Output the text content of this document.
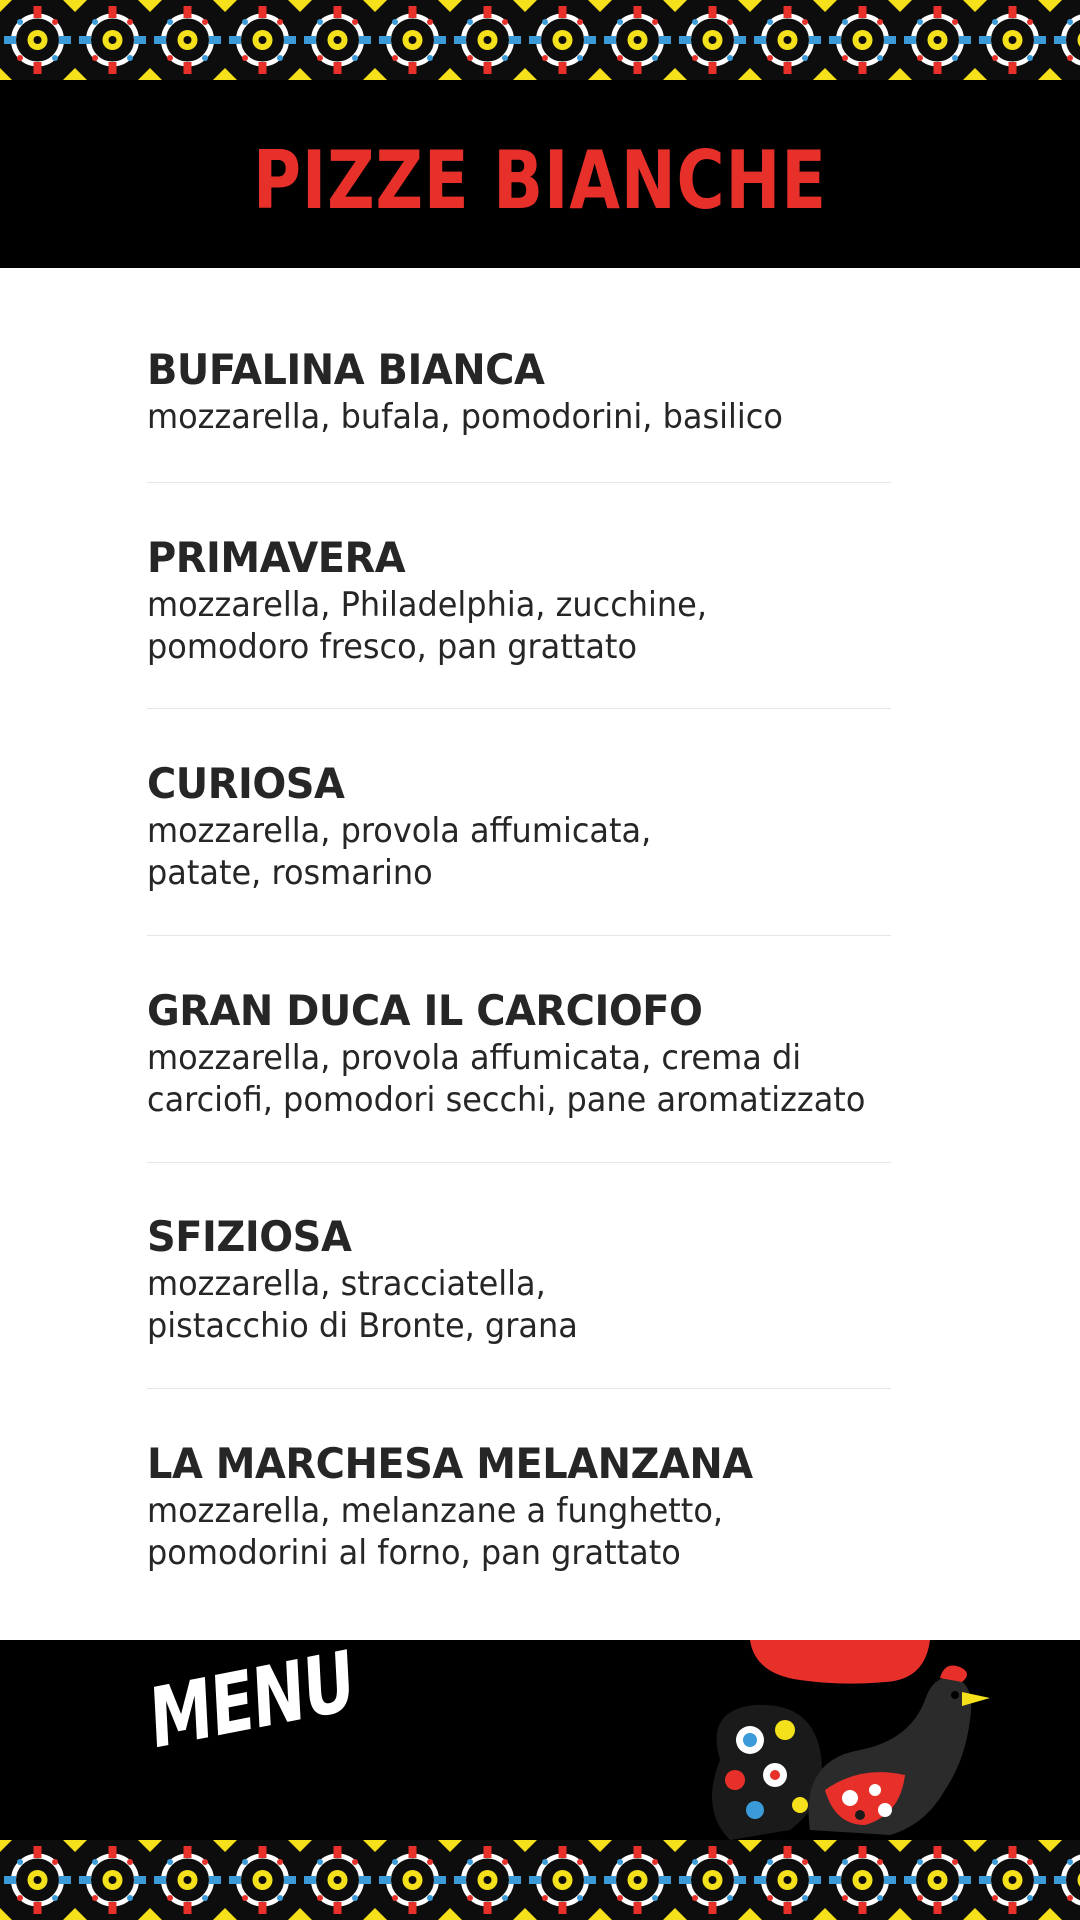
PIZZE BIANCHE
BUFALINA BIANCA
mozzarella, bufala, pomodorini, basilico
PRIMAVERA
mozzarella, Philadelphia, zucchine,
pomodoro fresco, pan grattato
CURIOSA
mozzarella, provola affumicata,
patate, rosmarino
GRAN DUCA IL CARCIOFO
mozzarella, provola affumicata, crema di
carciofi, pomodori secchi, pane aromatizzato
SFIZIOSA
mozzarella, stracciatella,
pistacchio di Bronte, grana
LA MARCHESA MELANZANA
mozzarella, melanzane a funghetto,
pomodorini al forno, pan grattato
MENU
